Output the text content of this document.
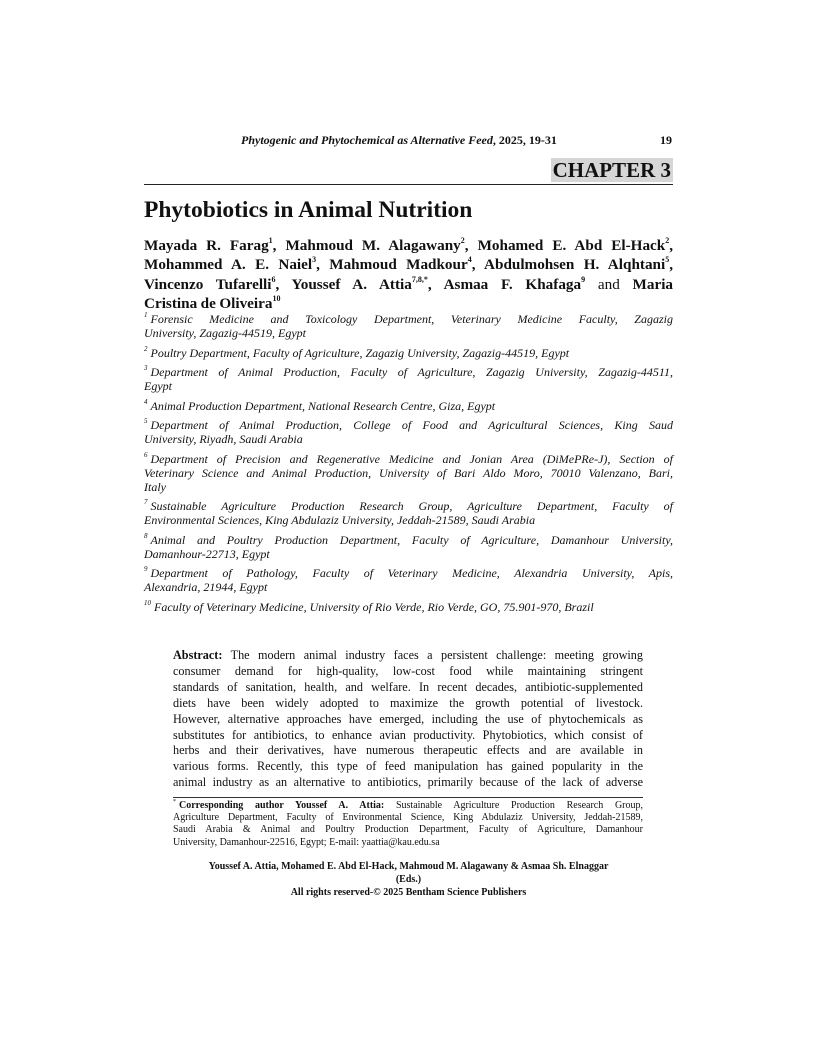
Phytogenic and Phytochemical as Alternative Feed, 2025, 19-31	19
CHAPTER 3
Phytobiotics in Animal Nutrition
Mayada R. Farag$^1$, Mahmoud M. Alagawany$^2$, Mohamed E. Abd El-Hack$^2$,
Mohammed A. E. Naiel$^3$, Mahmoud Madkour$^4$, Abdulmohsen H. Alqhtani$^5$,
Vincenzo Tufarelli$^6$, Youssef A. Attia$^{7,8,*}$, Asmaa F. Khafaga$^9$ and Maria
Cristina de Oliveira$^{10}$
$^1$ Forensic Medicine and Toxicology Department, Veterinary Medicine Faculty, Zagazig
University, Zagazig-44519, Egypt
$^2$ Poultry Department, Faculty of Agriculture, Zagazig University, Zagazig-44519, Egypt
$^3$ Department of Animal Production, Faculty of Agriculture, Zagazig University, Zagazig-44511,
Egypt
$^4$ Animal Production Department, National Research Centre, Giza, Egypt
$^5$ Department of Animal Production, College of Food and Agricultural Sciences, King Saud
University, Riyadh, Saudi Arabia
$^6$ Department of Precision and Regenerative Medicine and Jonian Area (DiMePRe-J), Section of
Veterinary Science and Animal Production, University of Bari Aldo Moro, 70010 Valenzano, Bari,
Italy
$^7$ Sustainable Agriculture Production Research Group, Agriculture Department, Faculty of
Environmental Sciences, King Abdulaziz University, Jeddah-21589, Saudi Arabia
$^8$ Animal and Poultry Production Department, Faculty of Agriculture, Damanhour University,
Damanhour-22713, Egypt
$^9$ Department of Pathology, Faculty of Veterinary Medicine, Alexandria University, Apis,
Alexandria, 21944, Egypt
$^{10}$ Faculty of Veterinary Medicine, University of Rio Verde, Rio Verde, GO, 75.901-970, Brazil
Abstract: The modern animal industry faces a persistent challenge: meeting growing
consumer demand for high-quality, low-cost food while maintaining stringent
standards of sanitation, health, and welfare. In recent decades, antibiotic-supplemented
diets have been widely adopted to maximize the growth potential of livestock.
However, alternative approaches have emerged, including the use of phytochemicals as
substitutes for antibiotics, to enhance avian productivity. Phytobiotics, which consist of
herbs and their derivatives, have numerous therapeutic effects and are available in
various forms. Recently, this type of feed manipulation has gained popularity in the
animal industry as an alternative to antibiotics, primarily because of the lack of adverse
* Corresponding author Youssef A. Attia: Sustainable Agriculture Production Research Group,
Agriculture Department, Faculty of Environmental Science, King Abdulaziz University, Jeddah-21589,
Saudi Arabia & Animal and Poultry Production Department, Faculty of Agriculture, Damanhour
University, Damanhour-22516, Egypt; E-mail: yaattia@kau.edu.sa
Youssef A. Attia, Mohamed E. Abd El-Hack, Mahmoud M. Alagawany & Asmaa Sh. Elnaggar
(Eds.)
All rights reserved-© 2025 Bentham Science Publishers
